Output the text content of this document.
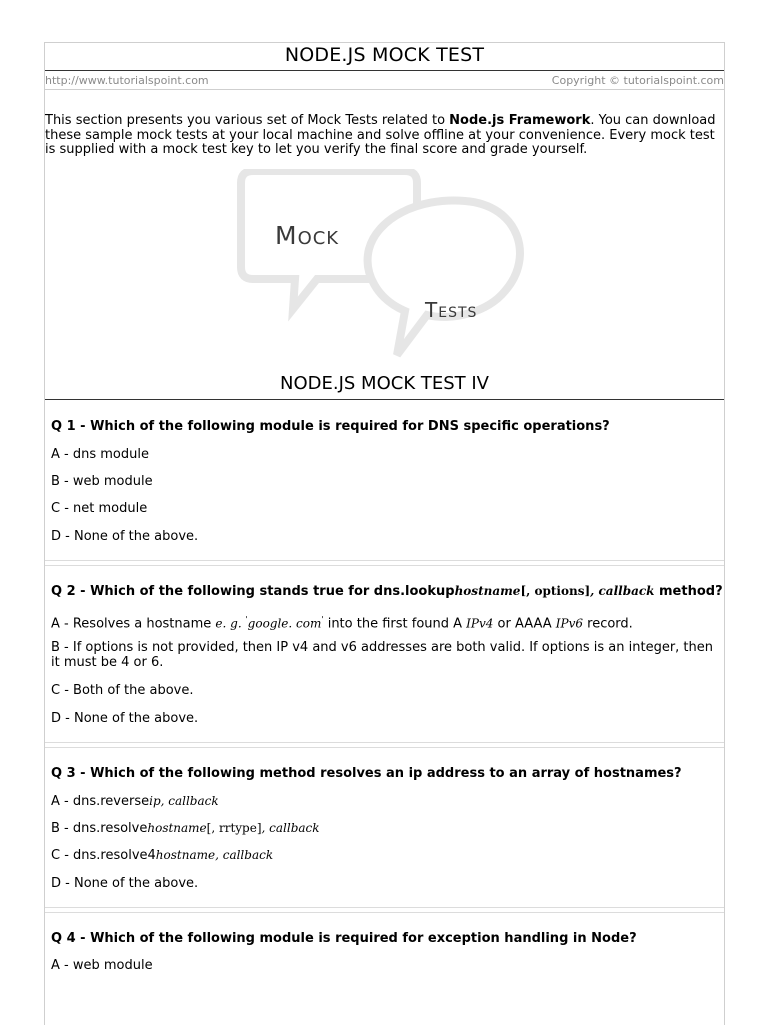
NODE.JS MOCK TEST
http://www.tutorialspoint.com	Copyright © tutorialspoint.com
This section presents you various set of Mock Tests related to Node.js Framework. You can download these sample mock tests at your local machine and solve offline at your convenience. Every mock test is supplied with a mock test key to let you verify the final score and grade yourself.
Mock
Tests
NODE.JS MOCK TEST IV
Q 1 - Which of the following module is required for DNS specific operations?
A - dns module
B - web module
C - net module
D - None of the above.
Q 2 - Which of the following stands true for dns.lookuphostname[, options], callback method?
A - Resolves a hostname e. g. 'google. com' into the first found A IPv4 or AAAA IPv6 record.
B - If options is not provided, then IP v4 and v6 addresses are both valid. If options is an integer, then it must be 4 or 6.
C - Both of the above.
D - None of the above.
Q 3 - Which of the following method resolves an ip address to an array of hostnames?
A - dns.reverseip, callback
B - dns.resolvehostname[, rrtype], callback
C - dns.resolve4hostname, callback
D - None of the above.
Q 4 - Which of the following module is required for exception handling in Node?
A - web module
